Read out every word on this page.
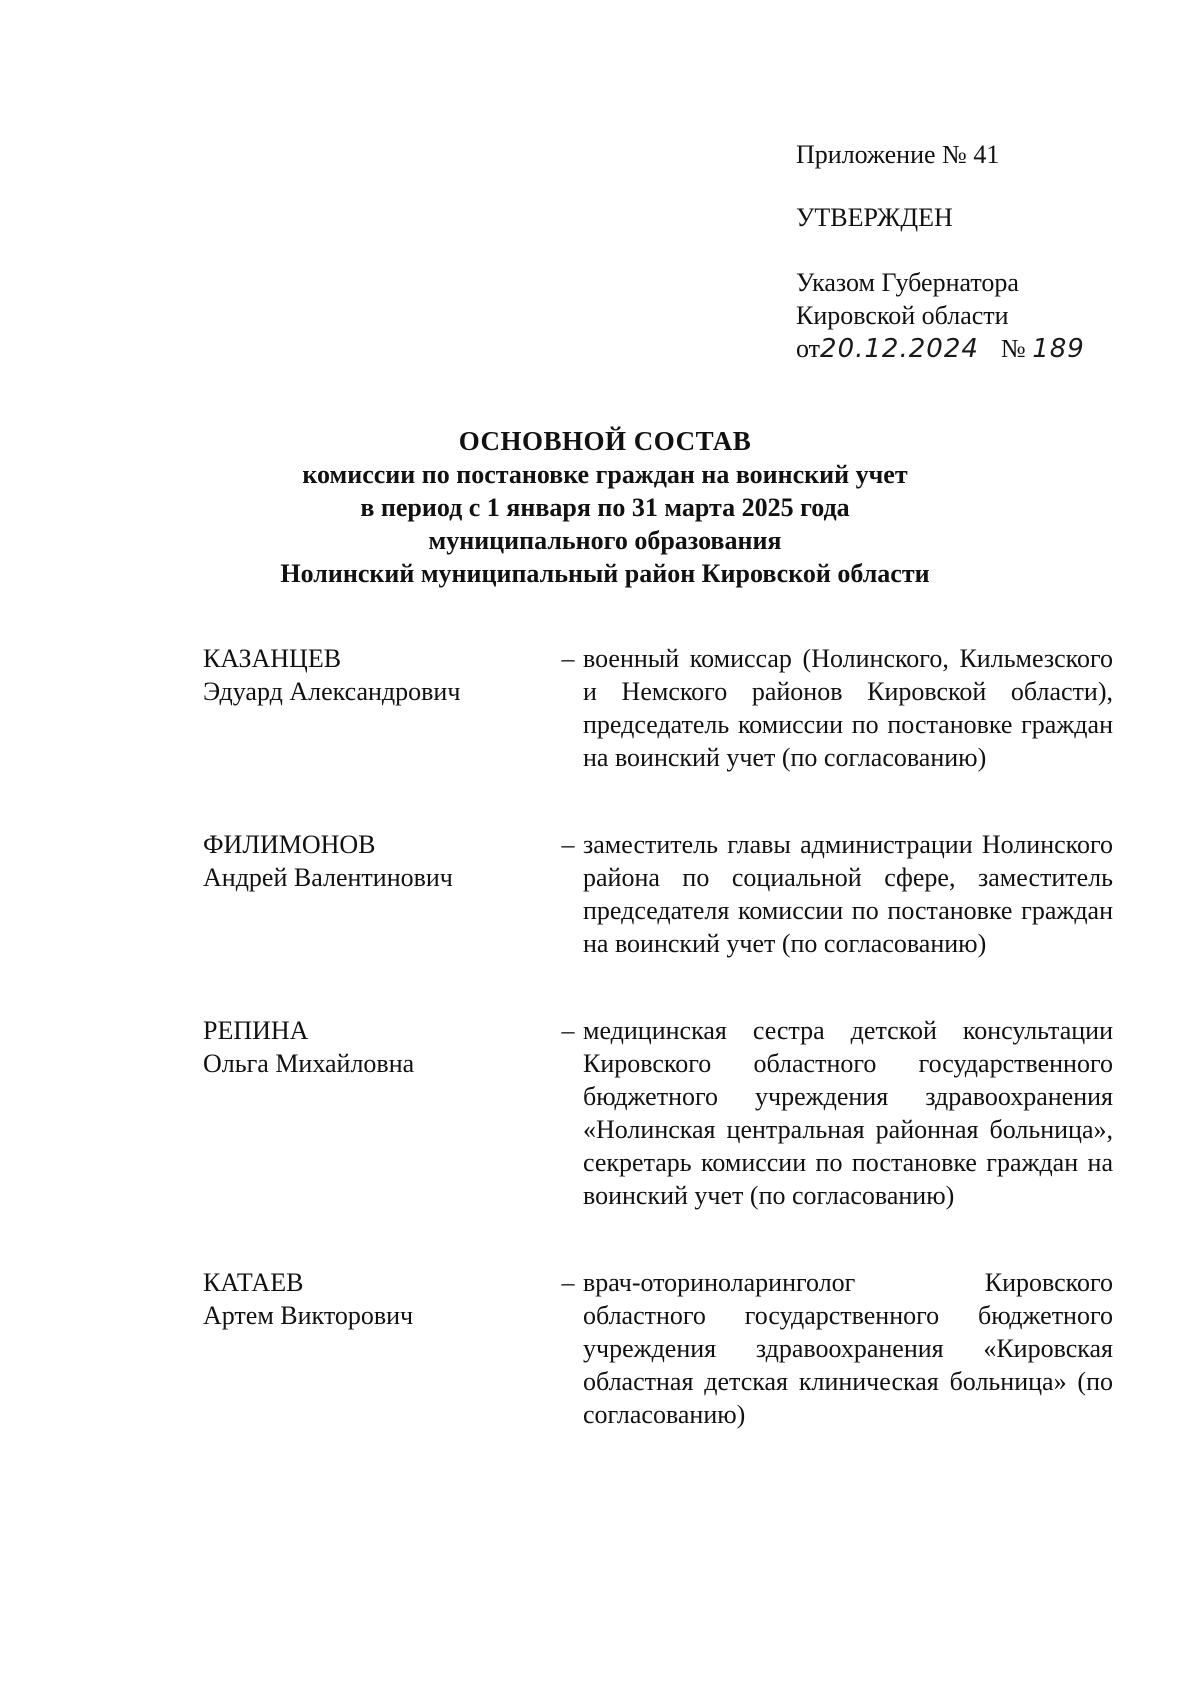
Приложение № 41
УТВЕРЖДЕН
Указом Губернатора
Кировской области
от20.12.2024 № 189
ОСНОВНОЙ СОСТАВ
комиссии по постановке граждан на воинский учет
в период с 1 января по 31 марта 2025 года
муниципального образования
Нолинский муниципальный район Кировской области
КАЗАНЦЕВ
Эдуард Александрович
– военный комиссар (Нолинского, Кильмезского и Немского районов Кировской области), председатель комиссии по постановке граждан на воинский учет (по согласованию)
ФИЛИМОНОВ
Андрей Валентинович
– заместитель главы администрации Нолинского района по социальной сфере, заместитель председателя комиссии по постановке граждан на воинский учет (по согласованию)
РЕПИНА
Ольга Михайловна
– медицинская сестра детской консультации Кировского областного государственного бюджетного учреждения здравоохранения «Нолинская центральная районная больница», секретарь комиссии по постановке граждан на воинский учет (по согласованию)
КАТАЕВ
Артем Викторович
– врач-оториноларинголог Кировского областного государственного бюджетного учреждения здравоохранения «Кировская областная детская клиническая больница» (по согласованию)
